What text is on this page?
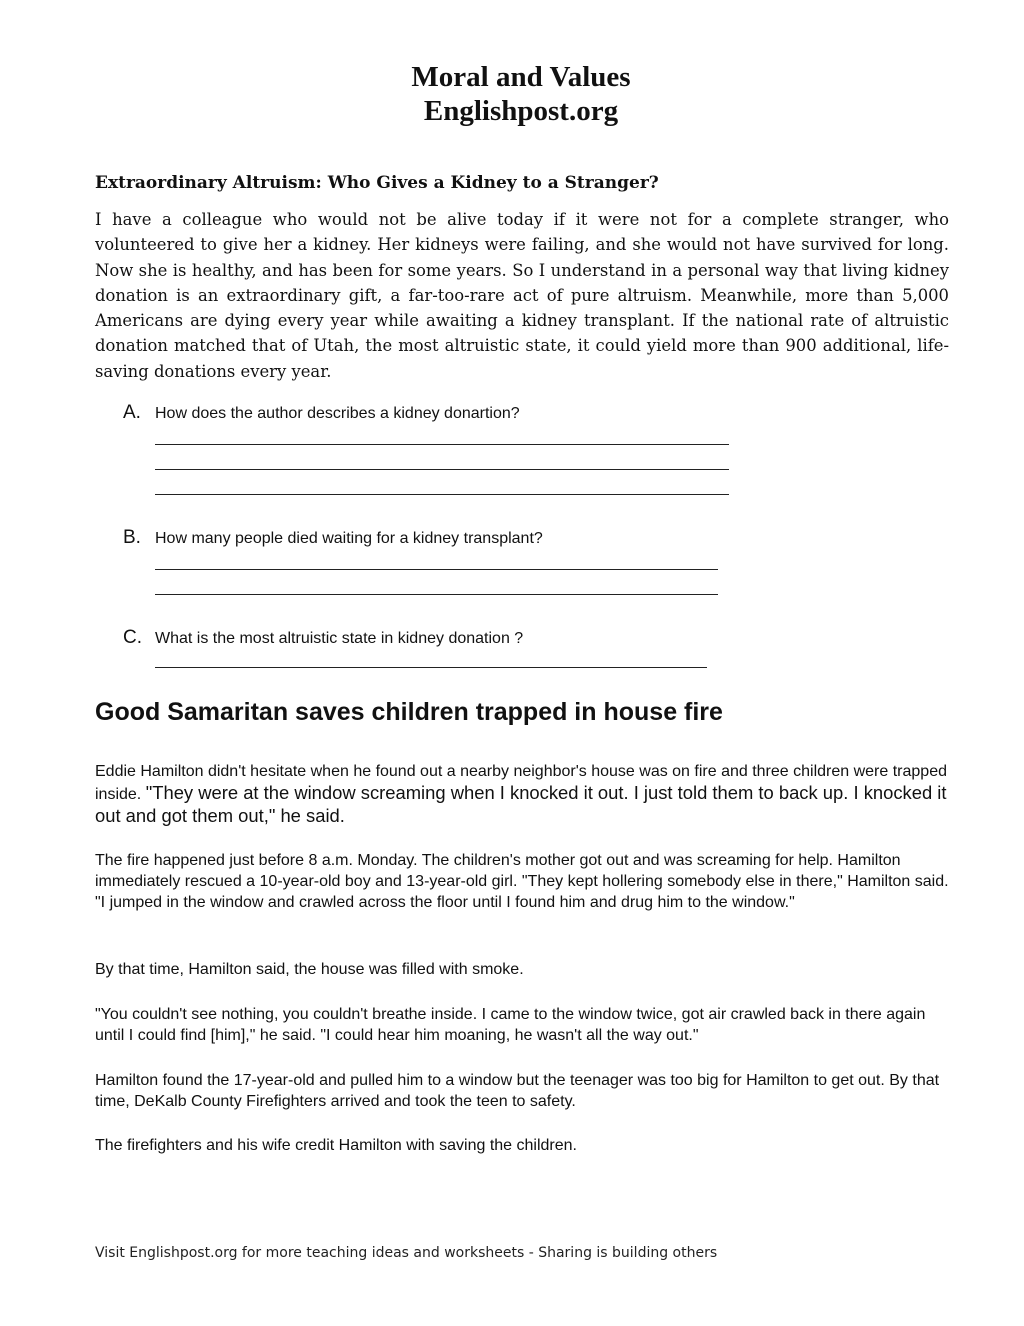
Moral and Values
Englishpost.org
Extraordinary Altruism: Who Gives a Kidney to a Stranger?

I have a colleague who would not be alive today if it were not for a complete stranger, who volunteered to give her a kidney. Her kidneys were failing, and she would not have survived for long. Now she is healthy, and has been for some years. So I understand in a personal way that living kidney donation is an extraordinary gift, a far-too-rare act of pure altruism. Meanwhile, more than 5,000 Americans are dying every year while awaiting a kidney transplant. If the national rate of altruistic donation matched that of Utah, the most altruistic state, it could yield more than 900 additional, life-saving donations every year.

A. How does the author describes a kidney donartion?
B. How many people died waiting for a kidney transplant?
C. What is the most altruistic state in kidney donation ?
Good Samaritan saves children trapped in house fire

Eddie Hamilton didn't hesitate when he found out a nearby neighbor's house was on fire and three children were trapped inside. "They were at the window screaming when I knocked it out. I just told them to back up. I knocked it out and got them out," he said.

The fire happened just before 8 a.m. Monday. The children's mother got out and was screaming for help. Hamilton immediately rescued a 10-year-old boy and 13-year-old girl. "They kept hollering somebody else in there," Hamilton said. "I jumped in the window and crawled across the floor until I found him and drug him to the window."

By that time, Hamilton said, the house was filled with smoke.

"You couldn't see nothing, you couldn't breathe inside. I came to the window twice, got air crawled back in there again until I could find [him]," he said. "I could hear him moaning, he wasn't all the way out."

Hamilton found the 17-year-old and pulled him to a window but the teenager was too big for Hamilton to get out. By that time, DeKalb County Firefighters arrived and took the teen to safety.

The firefighters and his wife credit Hamilton with saving the children.

Visit Englishpost.org for more teaching ideas and worksheets - Sharing is building others
